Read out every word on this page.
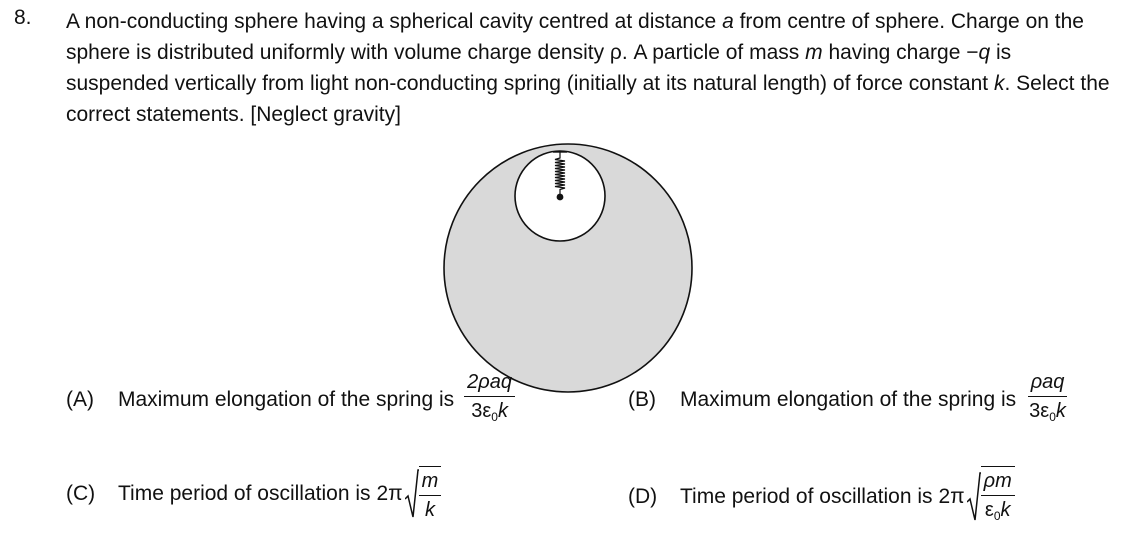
8. A non-conducting sphere having a spherical cavity centred at distance a from centre of sphere. Charge on the sphere is distributed uniformly with volume charge density ρ. A particle of mass m having charge −q is suspended vertically from light non-conducting spring (initially at its natural length) of force constant k. Select the correct statements. [Neglect gravity]
(A)	Maximum elongation of the spring is $\frac{\text{2ρaq}}{3\varepsilon_0k}$	(B)	Maximum elongation of the spring is $\frac{\text{ρaq}}{3\varepsilon_0k}$
(C)	Time period of oscillation is $2\pi \frac{m}{k}$	(D)	Time period of oscillation is $2\pi \frac{\rho m}{\varepsilon_0k}$
